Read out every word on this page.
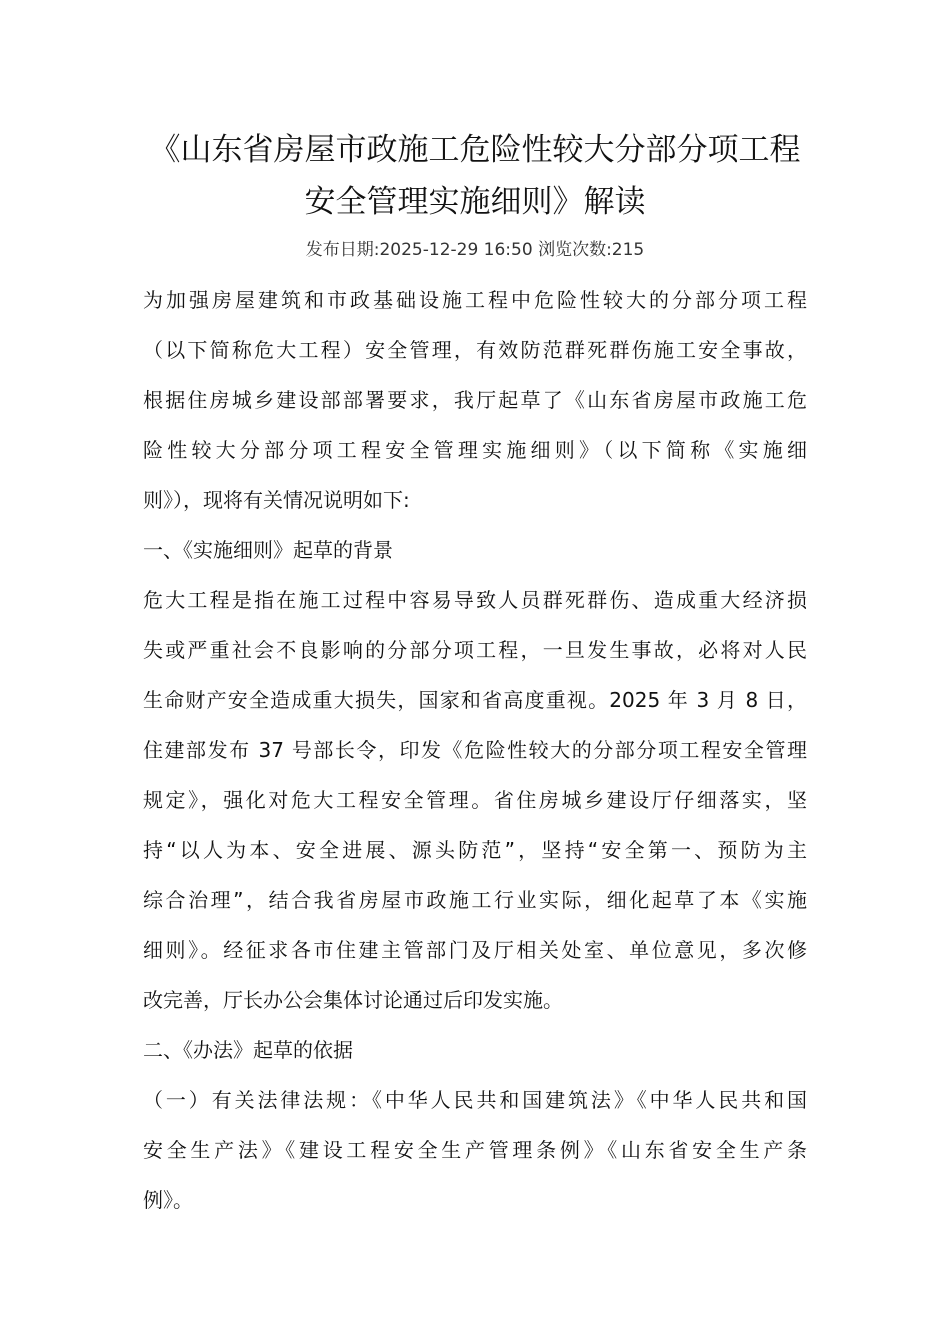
《山东省房屋市政施工危险性较大分部分项工程
安全管理实施细则》解读
发布日期:2025-12-29 16:50 浏览次数:215
为加强房屋建筑和市政基础设施工程中危险性较大的分部分项工程
（以下简称危大工程）安全管理，有效防范群死群伤施工安全事故，
根据住房城乡建设部部署要求，我厅起草了《山东省房屋市政施工危
险性较大分部分项工程安全管理实施细则》（以下简称《实施细
则》），现将有关情况说明如下:
一、《实施细则》起草的背景
危大工程是指在施工过程中容易导致人员群死群伤、造成重大经济损
失或严重社会不良影响的分部分项工程，一旦发生事故，必将对人民
生命财产安全造成重大损失，国家和省高度重视。2025 年 3 月 8 日，
住建部发布 37 号部长令，印发《危险性较大的分部分项工程安全管理
规定》，强化对危大工程安全管理。省住房城乡建设厅仔细落实，坚
持“以人为本、安全进展、源头防范”，坚持“安全第一、预防为主
综合治理”，结合我省房屋市政施工行业实际，细化起草了本《实施
细则》。经征求各市住建主管部门及厅相关处室、单位意见，多次修
改完善，厅长办公会集体讨论通过后印发实施。
二、《办法》起草的依据
（一）有关法律法规：《中华人民共和国建筑法》《中华人民共和国
安全生产法》《建设工程安全生产管理条例》《山东省安全生产条
例》。
